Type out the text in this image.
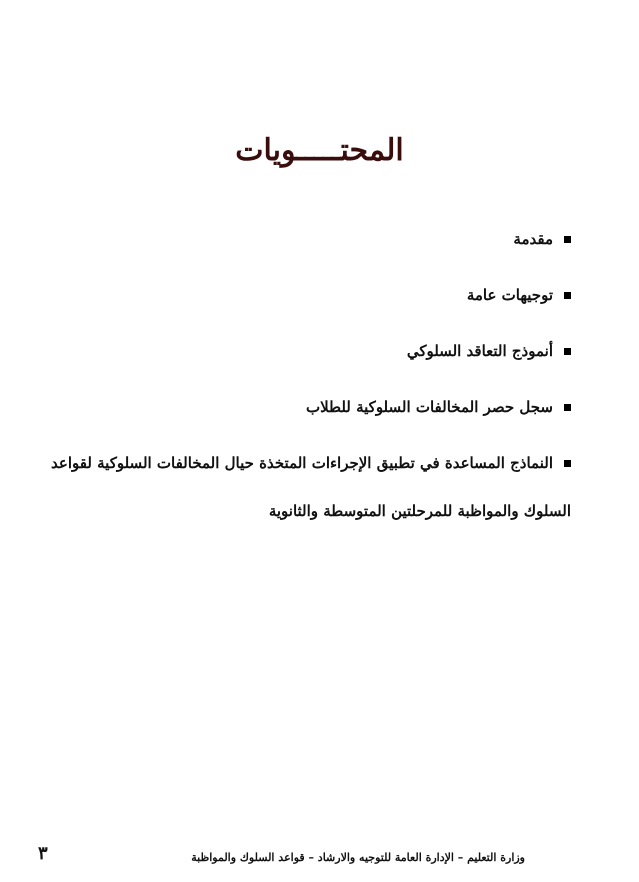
المحتـــــويات
مقدمة
توجيهات عامة
أنموذج التعاقد السلوكي
سجل حصر المخالفات السلوكية للطلاب
النماذج المساعدة في تطبيق الإجراءات المتخذة حيال المخالفات السلوكية لقواعد
السلوك والمواظبة للمرحلتين المتوسطة والثانوية
وزارة التعليم – الإدارة العامة للتوجيه والارشاد – قواعد السلوك والمواظبة
٣
